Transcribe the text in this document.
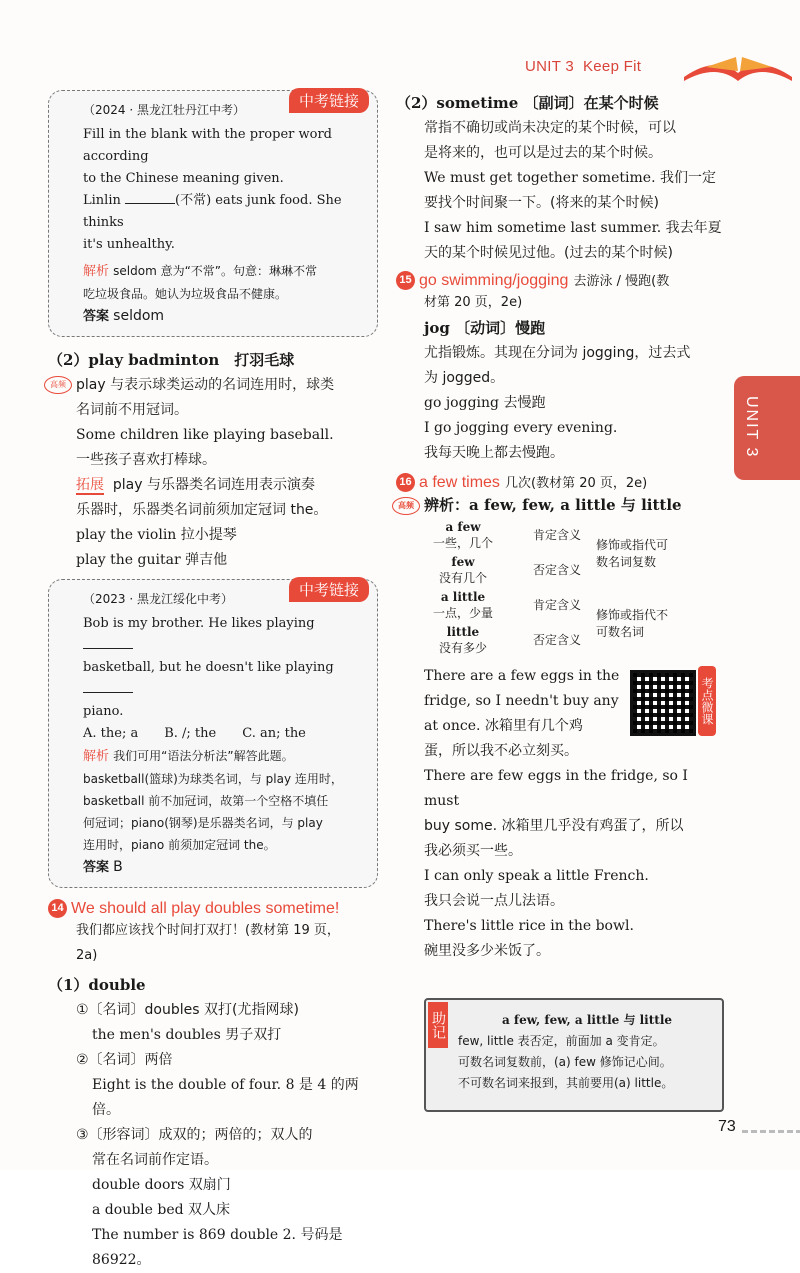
UNIT 3 Keep Fit
UNIT 3
中考链接
（2024 · 黑龙江牡丹江中考）

Fill in the blank with the proper word according

to the Chinese meaning given.

Linlin	(不常) eats junk food. She thinks

it's unhealthy.

解析 seldom 意为“不常”。句意：琳琳不常

吃垃圾食品。她认为垃圾食品不健康。

答案 seldom

（2）play badminton　打羽毛球

高频 play 与表示球类运动的名词连用时，球类

名词前不用冠词。

Some children like playing baseball.

一些孩子喜欢打棒球。

拓展 play 与乐器类名词连用表示演奏

乐器时，乐器类名词前须加定冠词 the。

play the violin 拉小提琴

play the guitar 弹吉他

中考链接
（2023 · 黑龙江绥化中考）

Bob is my brother. He likes playing

basketball, but he doesn't like playing

piano.

A. the; a　　B. /; the　　C. an; the

解析 我们可用“语法分析法”解答此题。

basketball(篮球)为球类名词，与 play 连用时，

basketball 前不加冠词，故第一个空格不填任

何冠词；piano(钢琴)是乐器类名词，与 play

连用时，piano 前须加定冠词 the。

答案 B

14 We should all play doubles sometime!

我们都应该找个时间打双打！(教材第 19 页，

2a)

（1）double

①〔名词〕doubles 双打(尤指网球)

the men's doubles 男子双打

②〔名词〕两倍

Eight is the double of four. 8 是 4 的两倍。

③〔形容词〕成双的；两倍的；双人的

常在名词前作定语。

double doors 双扇门

a double bed 双人床

The number is 869 double 2. 号码是 86922。

（2）sometime 〔副词〕在某个时候

常指不确切或尚未决定的某个时候，可以

是将来的，也可以是过去的某个时候。

We must get together sometime. 我们一定

要找个时间聚一下。(将来的某个时候)

I saw him sometime last summer. 我去年夏

天的某个时候见过他。(过去的某个时候)

15 go swimming/jogging 去游泳 / 慢跑(教

材第 20 页，2e)

jog 〔动词〕慢跑

尤指锻炼。其现在分词为 jogging，过去式

为 jogged。

go jogging 去慢跑

I go jogging every evening.

我每天晚上都去慢跑。

16 a few times 几次(教材第 20 页，2e)
高频 辨析：a few, few, a little 与 little
a few
一些，几个
肯定含义
修饰或指代可
数名词复数
few
没有几个
否定含义
a little
一点，少量
肯定含义
修饰或指代不
可数名词
little
没有多少
否定含义

There are a few eggs in the

fridge, so I needn't buy any

at once. 冰箱里有几个鸡

蛋，所以我不必立刻买。

考点微课

There are few eggs in the fridge, so I must

buy some. 冰箱里几乎没有鸡蛋了，所以

我必须买一些。

I can only speak a little French.

我只会说一点儿法语。

There's little rice in the bowl.

碗里没多少米饭了。

助记	a few, few, a little 与 little
few, little 表否定，前面加 a 变肯定。
可数名词复数前，(a) few 修饰记心间。
不可数名词来报到，其前要用(a) little。
73
